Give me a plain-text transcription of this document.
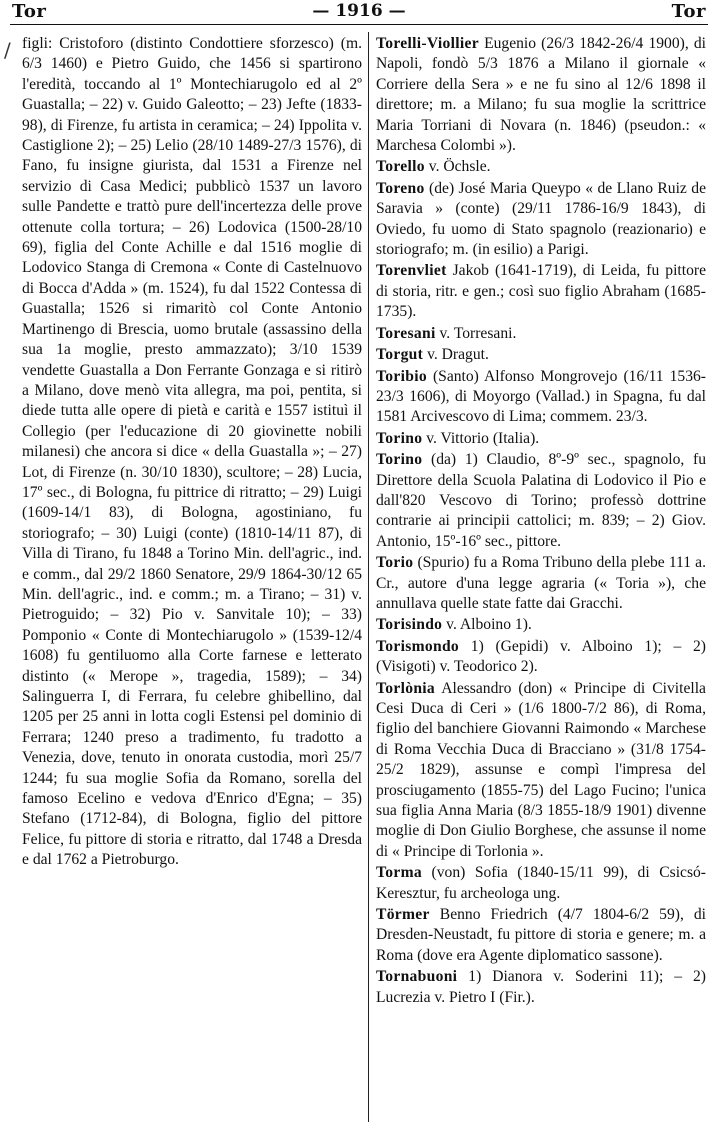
Tor	— 1916 —	Tor
/ figli: Cristoforo (distinto Condottiere sforzesco) (m. 6/3 1460) e Pietro Guido, che 1456 si spartirono l'eredità, toccando al 1º Montechiarugolo ed al 2º Guastalla; – 22) v. Guido Galeotto; – 23) Jefte (1833-98), di Firenze, fu artista in ceramica; – 24) Ippolita v. Castiglione 2); – 25) Lelio (28/10 1489-27/3 1576), di Fano, fu insigne giurista, dal 1531 a Firenze nel servizio di Casa Medici; pubblicò 1537 un lavoro sulle Pandette e trattò pure dell'incertezza delle prove ottenute colla tortura; – 26) Lodovica (1500-28/10 69), figlia del Conte Achille e dal 1516 moglie di Lodovico Stanga di Cremona « Conte di Castelnuovo di Bocca d'Adda » (m. 1524), fu dal 1522 Contessa di Guastalla; 1526 si rimaritò col Conte Antonio Martinengo di Brescia, uomo brutale (assassino della sua 1a moglie, presto ammazzato); 3/10 1539 vendette Guastalla a Don Ferrante Gonzaga e si ritirò a Milano, dove menò vita allegra, ma poi, pentita, si diede tutta alle opere di pietà e carità e 1557 istituì il Collegio (per l'educazione di 20 giovinette nobili milanesi) che ancora si dice « della Guastalla »; – 27) Lot, di Firenze (n. 30/10 1830), scultore; – 28) Lucia, 17º sec., di Bologna, fu pittrice di ritratto; – 29) Luigi (1609-14/1 83), di Bologna, agostiniano, fu storiografo; – 30) Luigi (conte) (1810-14/11 87), di Villa di Tirano, fu 1848 a Torino Min. dell'agric., ind. e comm., dal 29/2 1860 Senatore, 29/9 1864-30/12 65 Min. dell'agric., ind. e comm.; m. a Tirano; – 31) v. Pietroguido; – 32) Pio v. Sanvitale 10); – 33) Pomponio « Conte di Montechiarugolo » (1539-12/4 1608) fu gentiluomo alla Corte farnese e letterato distinto (« Merope », tragedia, 1589); – 34) Salinguerra I, di Ferrara, fu celebre ghibellino, dal 1205 per 25 anni in lotta cogli Estensi pel dominio di Ferrara; 1240 preso a tradimento, fu tradotto a Venezia, dove, tenuto in onorata custodia, morì 25/7 1244; fu sua moglie Sofia da Romano, sorella del famoso Ecelino e vedova d'Enrico d'Egna; – 35) Stefano (1712-84), di Bologna, figlio del pittore Felice, fu pittore di storia e ritratto, dal 1748 a Dresda e dal 1762 a Pietroburgo.

Torelli-Viollier Eugenio (26/3 1842-26/4 1900), di Napoli, fondò 5/3 1876 a Milano il giornale « Corriere della Sera » e ne fu sino al 12/6 1898 il direttore; m. a Milano; fu sua moglie la scrittrice Maria Torriani di Novara (n. 1846) (pseudon.: « Marchesa Colombi »).

Torello v. Öchsle.

Toreno (de) José Maria Queypo « de Llano Ruiz de Saravia » (conte) (29/11 1786-16/9 1843), di Oviedo, fu uomo di Stato spagnolo (reazionario) e storiografo; m. (in esilio) a Parigi.

Torenvliet Jakob (1641-1719), di Leida, fu pittore di storia, ritr. e gen.; così suo figlio Abraham (1685-1735).

Toresani v. Torresani.

Torgut v. Dragut.

Toribio (Santo) Alfonso Mongrovejo (16/11 1536-23/3 1606), di Moyorgo (Vallad.) in Spagna, fu dal 1581 Arcivescovo di Lima; commem. 23/3.

Torino v. Vittorio (Italia).

Torino (da) 1) Claudio, 8º-9º sec., spagnolo, fu Direttore della Scuola Palatina di Lodovico il Pio e dall'820 Vescovo di Torino; professò dottrine contrarie ai principii cattolici; m. 839; – 2) Giov. Antonio, 15º-16º sec., pittore.

Torio (Spurio) fu a Roma Tribuno della plebe 111 a. Cr., autore d'una legge agraria (« Toria »), che annullava quelle state fatte dai Gracchi.

Torisindo v. Alboino 1).

Torismondo 1) (Gepidi) v. Alboino 1); – 2) (Visigoti) v. Teodorico 2).

Torlònia Alessandro (don) « Principe di Civitella Cesi Duca di Ceri » (1/6 1800-7/2 86), di Roma, figlio del banchiere Giovanni Raimondo « Marchese di Roma Vecchia Duca di Bracciano » (31/8 1754-25/2 1829), assunse e compì l'impresa del prosciugamento (1855-75) del Lago Fucino; l'unica sua figlia Anna Maria (8/3 1855-18/9 1901) divenne moglie di Don Giulio Borghese, che assunse il nome di « Principe di Torlonia ».

Torma (von) Sofia (1840-15/11 99), di Csicsó-Keresztur, fu archeologa ung.

Törmer Benno Friedrich (4/7 1804-6/2 59), di Dresden-Neustadt, fu pittore di storia e genere; m. a Roma (dove era Agente diplomatico sassone).

Tornabuoni 1) Dianora v. Soderini 11); – 2) Lucrezia v. Pietro I (Fir.).
